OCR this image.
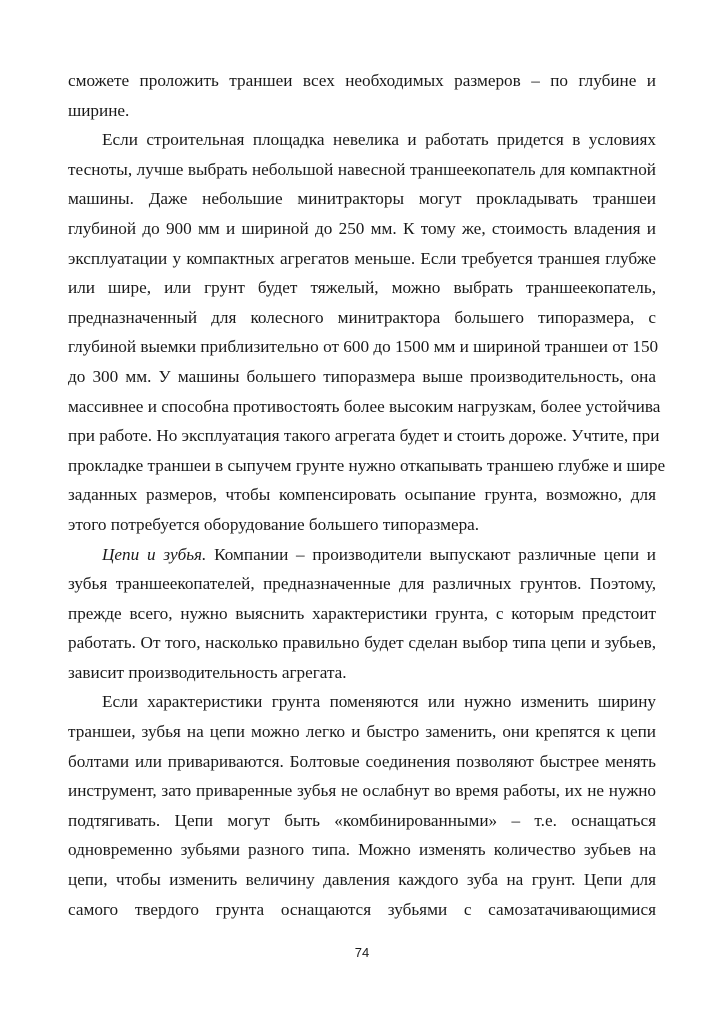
сможете проложить траншеи всех необходимых размеров – по глубине и
ширине.
Если строительная площадка невелика и работать придется в условиях
тесноты, лучше выбрать небольшой навесной траншеекопатель для компактной
машины. Даже небольшие минитракторы могут прокладывать траншеи
глубиной до 900 мм и шириной до 250 мм. К тому же, стоимость владения и
эксплуатации у компактных агрегатов меньше. Если требуется траншея глубже
или шире, или грунт будет тяжелый, можно выбрать траншеекопатель,
предназначенный для колесного минитрактора большего типоразмера, с
глубиной выемки приблизительно от 600 до 1500 мм и шириной траншеи от 150
до 300 мм. У машины большего типоразмера выше производительность, она
массивнее и способна противостоять более высоким нагрузкам, более устойчива
при работе. Но эксплуатация такого агрегата будет и стоить дороже. Учтите, при
прокладке траншеи в сыпучем грунте нужно откапывать траншею глубже и шире
заданных размеров, чтобы компенсировать осыпание грунта, возможно, для
этого потребуется оборудование большего типоразмера.
Цепи и зубья. Компании – производители выпускают различные цепи и
зубья траншеекопателей, предназначенные для различных грунтов. Поэтому,
прежде всего, нужно выяснить характеристики грунта, с которым предстоит
работать. От того, насколько правильно будет сделан выбор типа цепи и зубьев,
зависит производительность агрегата.
Если характеристики грунта поменяются или нужно изменить ширину
траншеи, зубья на цепи можно легко и быстро заменить, они крепятся к цепи
болтами или привариваются. Болтовые соединения позволяют быстрее менять
инструмент, зато приваренные зубья не ослабнут во время работы, их не нужно
подтягивать. Цепи могут быть «комбинированными» – т.е. оснащаться
одновременно зубьями разного типа. Можно изменять количество зубьев на
цепи, чтобы изменить величину давления каждого зуба на грунт. Цепи для
самого твердого грунта оснащаются зубьями с самозатачивающимися
74
